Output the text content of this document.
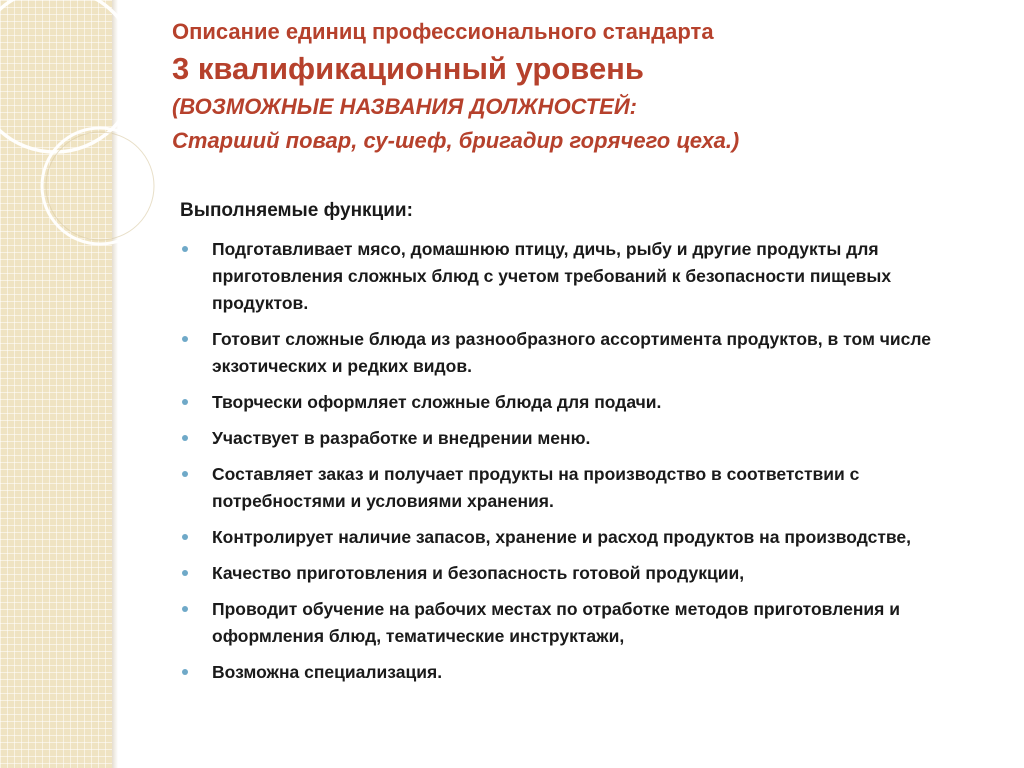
Описание единиц профессионального стандарта
3 квалификационный уровень
(ВОЗМОЖНЫЕ НАЗВАНИЯ ДОЛЖНОСТЕЙ:
Старший повар, су-шеф, бригадир горячего цеха.)
Выполняемые функции:
Подготавливает мясо, домашнюю птицу, дичь, рыбу и другие продукты для приготовления сложных блюд с учетом требований к безопасности пищевых продуктов.
Готовит сложные блюда из разнообразного ассортимента продуктов, в том числе экзотических и редких видов.
Творчески оформляет сложные блюда для подачи.
Участвует в разработке и внедрении меню.
Составляет заказ и получает продукты на производство в соответствии с потребностями и условиями хранения.
Контролирует наличие запасов, хранение и расход продуктов на производстве,
Качество приготовления и безопасность готовой продукции,
Проводит обучение на рабочих местах по отработке методов приготовления и оформления блюд, тематические инструктажи,
Возможна специализация.
